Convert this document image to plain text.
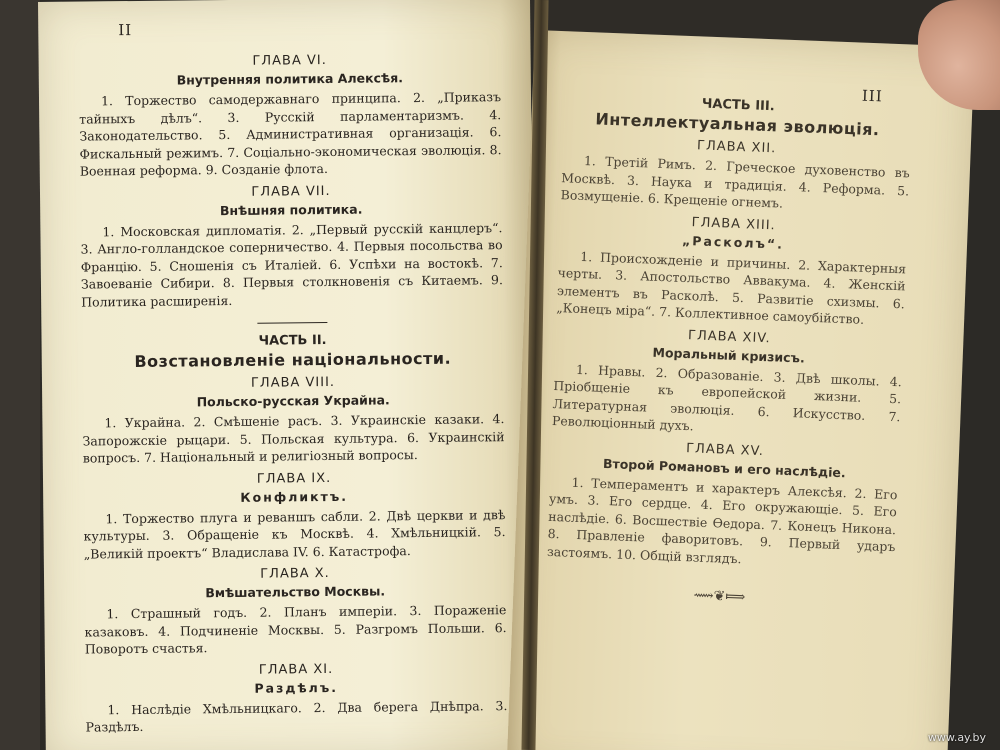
II
ГЛАВА VI.
Внутренняя политика Алексѣя.

1. Торжество самодержавнаго принципа. 2. „Приказъ тайныхъ дѣлъ“. 3. Русскій парламентаризмъ. 4. Законодательство. 5. Административная организація. 6. Фискальный режимъ. 7. Соціально-экономическая эволюція. 8. Военная реформа. 9. Созданіе флота.

ГЛАВА VII.
Внѣшняя политика.

1. Московская дипломатія. 2. „Первый русскій канцлеръ“. 3. Англо-голландское соперничество. 4. Первыя посольства во Францію. 5. Сношенія съ Италіей. 6. Успѣхи на востокѣ. 7. Завоеваніе Сибири. 8. Первыя столкновенія съ Китаемъ. 9. Политика расширенія.

ЧАСТЬ II.
Возстановленіе національности.
ГЛАВА VIII.
Польско-русская Украйна.

1. Украйна. 2. Смѣшеніе расъ. 3. Украинскіе казаки. 4. Запорожскіе рыцари. 5. Польская культура. 6. Украинскій вопросъ. 7. Національный и религіозный вопросы.

ГЛАВА IX.
Конфликтъ.

1. Торжество плуга и реваншъ сабли. 2. Двѣ церкви и двѣ культуры. 3. Обращеніе къ Москвѣ. 4. Хмѣльницкій. 5. „Великій проектъ“ Владислава IV. 6. Катастрофа.

ГЛАВА X.
Вмѣшательство Москвы.

1. Страшный годъ. 2. Планъ имперіи. 3. Пораженіе казаковъ. 4. Подчиненіе Москвы. 5. Разгромъ Польши. 6. Поворотъ счастья.

ГЛАВА XI.
Раздѣлъ.

1. Наслѣдіе Хмѣльницкаго. 2. Два берега Днѣпра. 3. Раздѣлъ.

III
ЧАСТЬ III.
Интеллектуальная эволюція.
ГЛАВА XII.

1. Третій Римъ. 2. Греческое духовенство въ Москвѣ. 3. Наука и традиція. 4. Реформа. 5. Возмущеніе. 6. Крещеніе огнемъ.

ГЛАВА XIII.
„Расколъ“.

1. Происхожденіе и причины. 2. Характерныя черты. 3. Апостольство Аввакума. 4. Женскій элементъ въ Расколѣ. 5. Развитіе схизмы. 6. „Конецъ міра“. 7. Коллективное самоубійство.

ГЛАВА XIV.
Моральный кризисъ.

1. Нравы. 2. Образованіе. 3. Двѣ школы. 4. Пріобщеніе къ европейской жизни. 5. Литературная эволюція. 6. Искусство. 7. Революціонный духъ.

ГЛАВА XV.
Второй Романовъ и его наслѣдіе.

1. Темпераментъ и характеръ Алексѣя. 2. Его умъ. 3. Его сердце. 4. Его окружающіе. 5. Его наслѣдіе. 6. Восшествіе Ѳедора. 7. Конецъ Никона. 8. Правленіе фаворитовъ. 9. Первый ударъ застоямъ. 10. Общій взглядъ.

⟿❦⟾
www.ay.by
